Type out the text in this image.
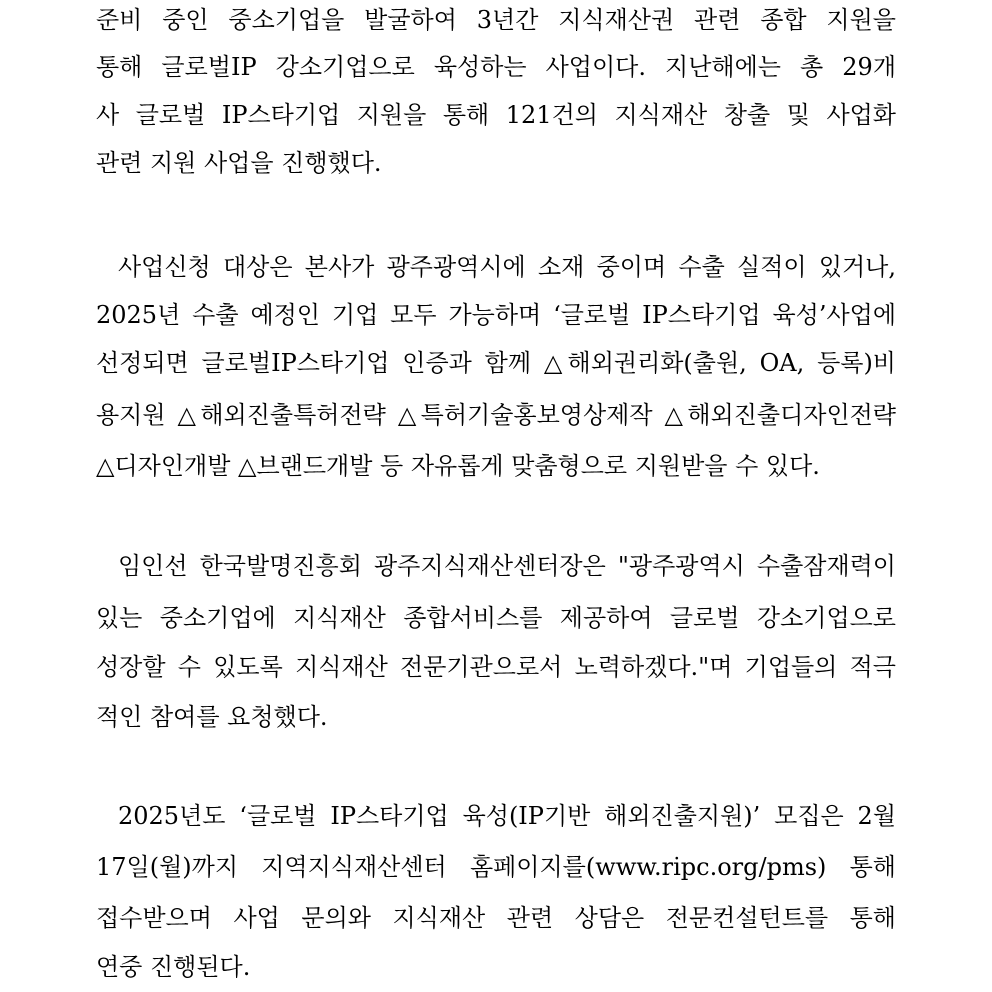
준비 중인 중소기업을 발굴하여 3년간 지식재산권 관련 종합 지원을
통해 글로벌IP 강소기업으로 육성하는 사업이다. 지난해에는 총 29개
사 글로벌 IP스타기업 지원을 통해 121건의 지식재산 창출 및 사업화
관련 지원 사업을 진행했다.
사업신청 대상은 본사가 광주광역시에 소재 중이며 수출 실적이 있거나,
2025년 수출 예정인 기업 모두 가능하며 ‘글로벌 IP스타기업 육성’사업에
선정되면 글로벌IP스타기업 인증과 함께 △해외권리화(출원, OA, 등록)비
용지원 △해외진출특허전략 △특허기술홍보영상제작 △해외진출디자인전략
△디자인개발 △브랜드개발 등 자유롭게 맞춤형으로 지원받을 수 있다.
임인선 한국발명진흥회 광주지식재산센터장은 "광주광역시 수출잠재력이
있는 중소기업에 지식재산 종합서비스를 제공하여 글로벌 강소기업으로
성장할 수 있도록 지식재산 전문기관으로서 노력하겠다."며 기업들의 적극
적인 참여를 요청했다.
2025년도 ‘글로벌 IP스타기업 육성(IP기반 해외진출지원)’ 모집은 2월
17일(월)까지 지역지식재산센터 홈페이지를(www.ripc.org/pms) 통해
접수받으며 사업 문의와 지식재산 관련 상담은 전문컨설턴트를 통해
연중 진행된다.
